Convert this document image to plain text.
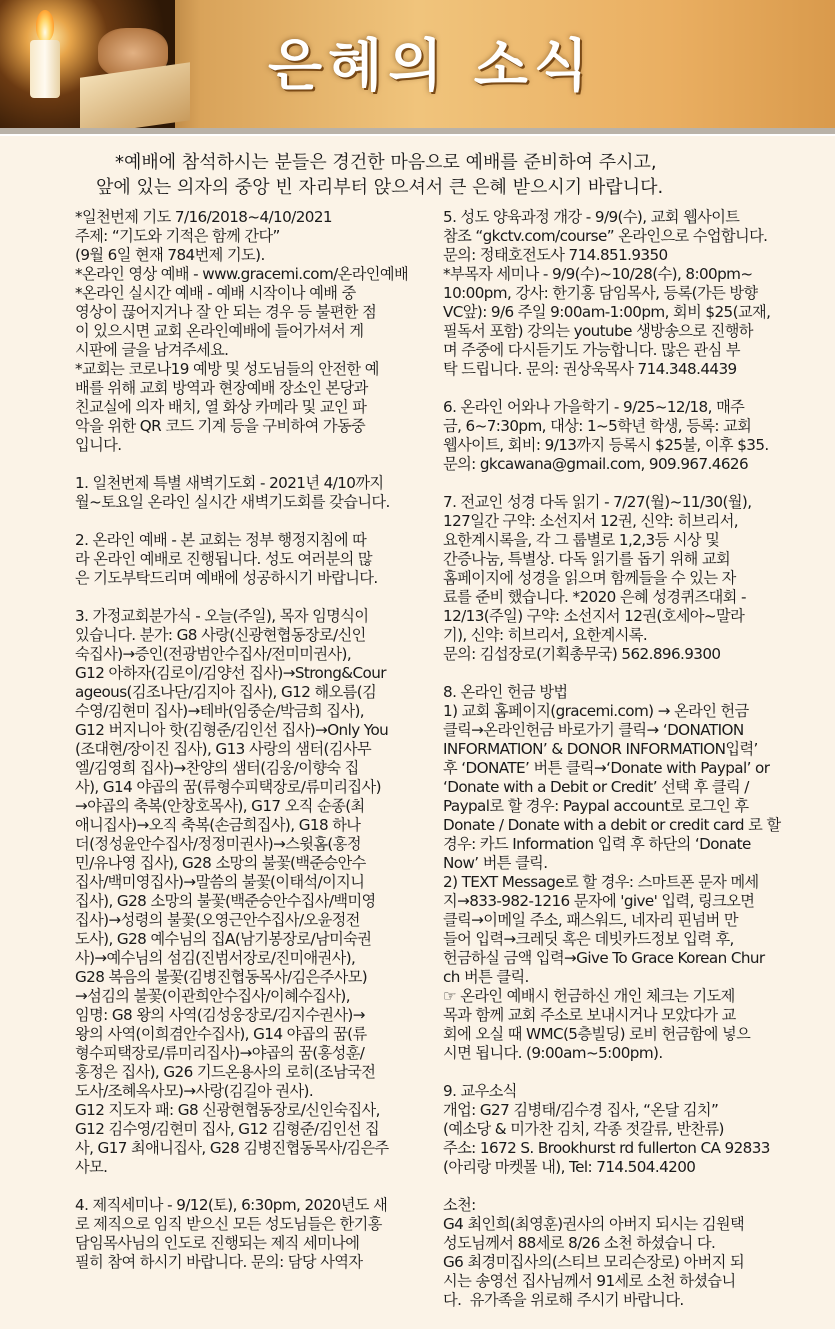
은혜의 소식
*예배에 참석하시는 분들은 경건한 마음으로 예배를 준비하여 주시고,
앞에 있는 의자의 중앙 빈 자리부터 앉으셔서 큰 은혜 받으시기 바랍니다.
*일천번제 기도 7/16/2018~4/10/2021
주제: “기도와 기적은 함께 간다”
(9월 6일 현재 784번제 기도).
*온라인 영상 예배 - www.gracemi.com/온라인예배
*온라인 실시간 예배 - 예배 시작이나 예배 중
영상이 끊어지거나 잘 안 되는 경우 등 불편한 점
이 있으시면 교회 온라인예배에 들어가셔서 게
시판에 글을 남겨주세요.
*교회는 코로나19 예방 및 성도님들의 안전한 예
배를 위해 교회 방역과 현장예배 장소인 본당과
친교실에 의자 배치, 열 화상 카메라 및 교인 파
악을 위한 QR 코드 기계 등을 구비하여 가동중
입니다.
1. 일천번제 특별 새벽기도회 - 2021년 4/10까지
월~토요일 온라인 실시간 새벽기도회를 갖습니다.
2. 온라인 예배 - 본 교회는 정부 행정지침에 따
라 온라인 예배로 진행됩니다. 성도 여러분의 많
은 기도부탁드리며 예배에 성공하시기 바랍니다.
3. 가정교회분가식 - 오늘(주일), 목자 임명식이
있습니다. 분가: G8 사랑(신광현협동장로/신인
숙집사)→증인(전광범안수집사/전미미권사),
G12 아하자(김로이/김양선 집사)→Strong&Cour
ageous(김조나단/김지아 집사), G12 해오름(김
수영/김현미 집사)→테바(임중순/박금희 집사),
G12 버지니아 핫(김형준/김인선 집사)→Only You
(조대현/장이진 집사), G13 사랑의 샘터(김사무
엘/김영희 집사)→찬양의 샘터(김웅/이향숙 집
사), G14 야곱의 꿈(류형수피택장로/류미리집사)
→야곱의 축복(안창호목사), G17 오직 순종(최
애니집사)→오직 축복(손금희집사), G18 하나
더(정성윤안수집사/정정미권사)→스윗홈(홍정
민/유나영 집사), G28 소망의 불꽃(백준승안수
집사/백미영집사)→말씀의 불꽃(이태석/이지니
집사), G28 소망의 불꽃(백준승안수집사/백미영
집사)→성령의 불꽃(오영근안수집사/오윤정전
도사), G28 예수님의 집A(남기봉장로/남미숙권
사)→예수님의 섬김(진범서장로/진미애권사),
G28 복음의 불꽃(김병진협동목사/김은주사모)
→섬김의 불꽃(이관희안수집사/이혜수집사),
임명: G8 왕의 사역(김성웅장로/김지수권사)→
왕의 사역(이희겸안수집사), G14 야곱의 꿈(류
형수피택장로/류미리집사)→야곱의 꿈(홍성훈/
홍정은 집사), G26 기드온용사의 로히(조남국전
도사/조혜옥사모)→사랑(김길아 권사).
G12 지도자 패: G8 신광현협동장로/신인숙집사,
G12 김수영/김현미 집사, G12 김형준/김인선 집
사, G17 최애니집사, G28 김병진협동목사/김은주
사모.
4. 제직세미나 - 9/12(토), 6:30pm, 2020년도 새
로 제직으로 임직 받으신 모든 성도님들은 한기홍
담임목사님의 인도로 진행되는 제직 세미나에
필히 참여 하시기 바랍니다. 문의: 담당 사역자
5. 성도 양육과정 개강 - 9/9(수), 교회 웹사이트
참조 “gkctv.com/course” 온라인으로 수업합니다.
문의: 정태호전도사 714.851.9350
*부목자 세미나 - 9/9(수)~10/28(수), 8:00pm~
10:00pm, 강사: 한기홍 담임목사, 등록(가든 방향
VC앞): 9/6 주일 9:00am-1:00pm, 회비 $25(교재,
필독서 포함) 강의는 youtube 생방송으로 진행하
며 주중에 다시듣기도 가능합니다. 많은 관심 부
탁 드립니다. 문의: 권상욱목사 714.348.4439
6. 온라인 어와나 가을학기 - 9/25~12/18, 매주
금, 6~7:30pm, 대상: 1~5학년 학생, 등록: 교회
웹사이트, 회비: 9/13까지 등록시 $25불, 이후 $35.
문의: gkcawana@gmail.com, 909.967.4626
7. 전교인 성경 다독 읽기 - 7/27(월)~11/30(월),
127일간 구약: 소선지서 12권, 신약: 히브리서,
요한계시록을, 각 그 룹별로 1,2,3등 시상 및
간증나눔, 특별상. 다독 읽기를 돕기 위해 교회
홈페이지에 성경을 읽으며 함께들을 수 있는 자
료를 준비 했습니다. *2020 은혜 성경퀴즈대회 -
12/13(주일) 구약: 소선지서 12권(호세아~말라
기), 신약: 히브리서, 요한계시록.
문의: 김섭장로(기획총무국) 562.896.9300
8. 온라인 헌금 방법
1) 교회 홈페이지(gracemi.com) → 온라인 헌금
클릭→온라인헌금 바로가기 클릭→ ‘DONATION
INFORMATION’ & DONOR INFORMATION입력’
후 ‘DONATE’ 버튼 클릭→‘Donate with Paypal’ or
‘Donate with a Debit or Credit’ 선택 후 클릭 /
Paypal로 할 경우: Paypal account로 로그인 후
Donate / Donate with a debit or credit card 로 할
경우: 카드 Information 입력 후 하단의 ‘Donate
Now’ 버튼 클릭.
2) TEXT Message로 할 경우: 스마트폰 문자 메세
지→833-982-1216 문자에 'give' 입력, 링크오면
클릭→이메일 주소, 패스워드, 네자리 핀넘버 만
들어 입력→크레딧 혹은 데빗카드정보 입력 후,
헌금하실 금액 입력→Give To Grace Korean Chur
ch 버튼 클릭.
☞ 온라인 예배시 헌금하신 개인 체크는 기도제
목과 함께 교회 주소로 보내시거나 모았다가 교
회에 오실 때 WMC(5층빌딩) 로비 헌금함에 넣으
시면 됩니다. (9:00am~5:00pm).
9. 교우소식
개업: G27 김병태/김수경 집사, “온달 김치”
(예소당 & 미가찬 김치, 각종 젓갈류, 반찬류)
주소: 1672 S. Brookhurst rd fullerton CA 92833
(아리랑 마켓몰 내), Tel: 714.504.4200
소천:
G4 최인희(최영훈)권사의 아버지 되시는 김원택
성도님께서 88세로 8/26 소천 하셨습니 다.
G6 최경미집사의(스티브 모리슨장로) 아버지 되
시는 송영선 집사님께서 91세로 소천 하셨습니
다.  유가족을 위로해 주시기 바랍니다.
